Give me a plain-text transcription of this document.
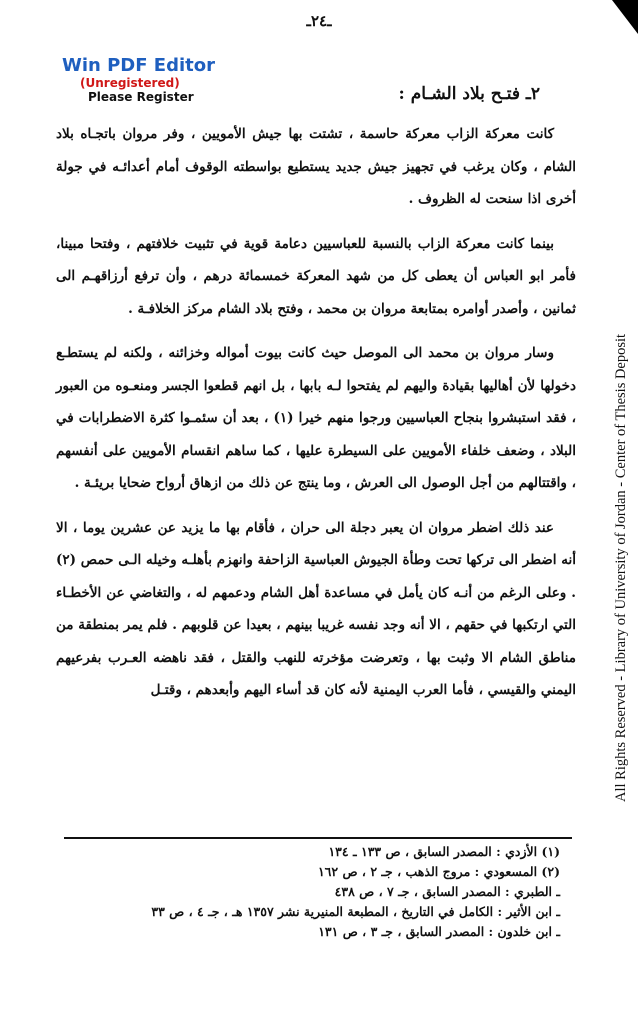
ـ٢٤ـ
Win PDF Editor
(Unregistered)
Please Register	٢ـ فتـح بلاد الشـام :

كانت معركة الزاب معركة حاسمة ، تشتت بها جيش الأمويين ، وفر مروان باتجـاه بلاد الشام ، وكان يرغب في تجهيز جيش جديد يستطيع بواسطته الوقوف أمام أعدائـه في جولة أخرى اذا سنحت له الظروف .

بينما كانت معركة الزاب بالنسبة للعباسيين دعامة قوية في تثبيت خلافتهم ، وفتحا مبينا، فأمر ابو العباس أن يعطى كل من شهد المعركة خمسمائة درهم ، وأن ترفع أرزاقهـم الى ثمانين ، وأصدر أوامره بمتابعة مروان بن محمد ، وفتح بلاد الشام مركز الخلافـة .

وسار مروان بن محمد الى الموصل حيث كانت بيوت أمواله وخزائنه ، ولكنه لم يستطـع دخولها لأن أهاليها بقيادة واليهم لم يفتحوا لـه بابها ، بل انهم قطعوا الجسر ومنعـوه من العبور ، فقد استبشروا بنجاح العباسيين ورجوا منهم خيرا (١) ، بعد أن سئمـوا كثرة الاضطرابات في البلاد ، وضعف خلفاء الأمويين على السيطرة عليها ، كما ساهم انقسام الأمويين على أنفسهم ، واقتتالهم من أجل الوصول الى العرش ، وما ينتج عن ذلك من ازهاق أرواح ضحايا بريئـة .

عند ذلك اضطر مروان ان يعبر دجلة الى حران ، فأقام بها ما يزيد عن عشرين يوما ، الا أنه اضطر الى تركها تحت وطأة الجيوش العباسية الزاحفة وانهزم بأهلـه وخيله الـى حمص (٢) . وعلى الرغم من أنـه كان يأمل في مساعدة أهل الشام ودعمهم له ، والتغاضي عن الأخطـاء التي ارتكبها في حقهم ، الا أنه وجد نفسه غريبا بينهم ، بعيدا عن قلوبهم . فلم يمر بمنطقة من مناطق الشام الا وثبت بها ، وتعرضت مؤخرته للنهب والقتل ، فقد ناهضه العـرب بفرعيهم اليمني والقيسي ، فأما العرب اليمنية لأنه كان قد أساء اليهم وأبعدهم ، وقتـل

(١) الأزدي : المصدر السابق ، ص ١٣٣ ـ ١٣٤
(٢) المسعودي : مروج الذهب ، جـ ٢ ، ص ١٦٢
ـ الطبري : المصدر السابق ، جـ ٧ ، ص ٤٣٨
ـ ابن الأثير : الكامل في التاريخ ، المطبعة المنيرية نشر ١٣٥٧ هـ ، جـ ٤ ، ص ٣٣
ـ ابن خلدون : المصدر السابق ، جـ ٣ ، ص ١٣١
All Rights Reserved - Library of University of Jordan - Center of Thesis Deposit
